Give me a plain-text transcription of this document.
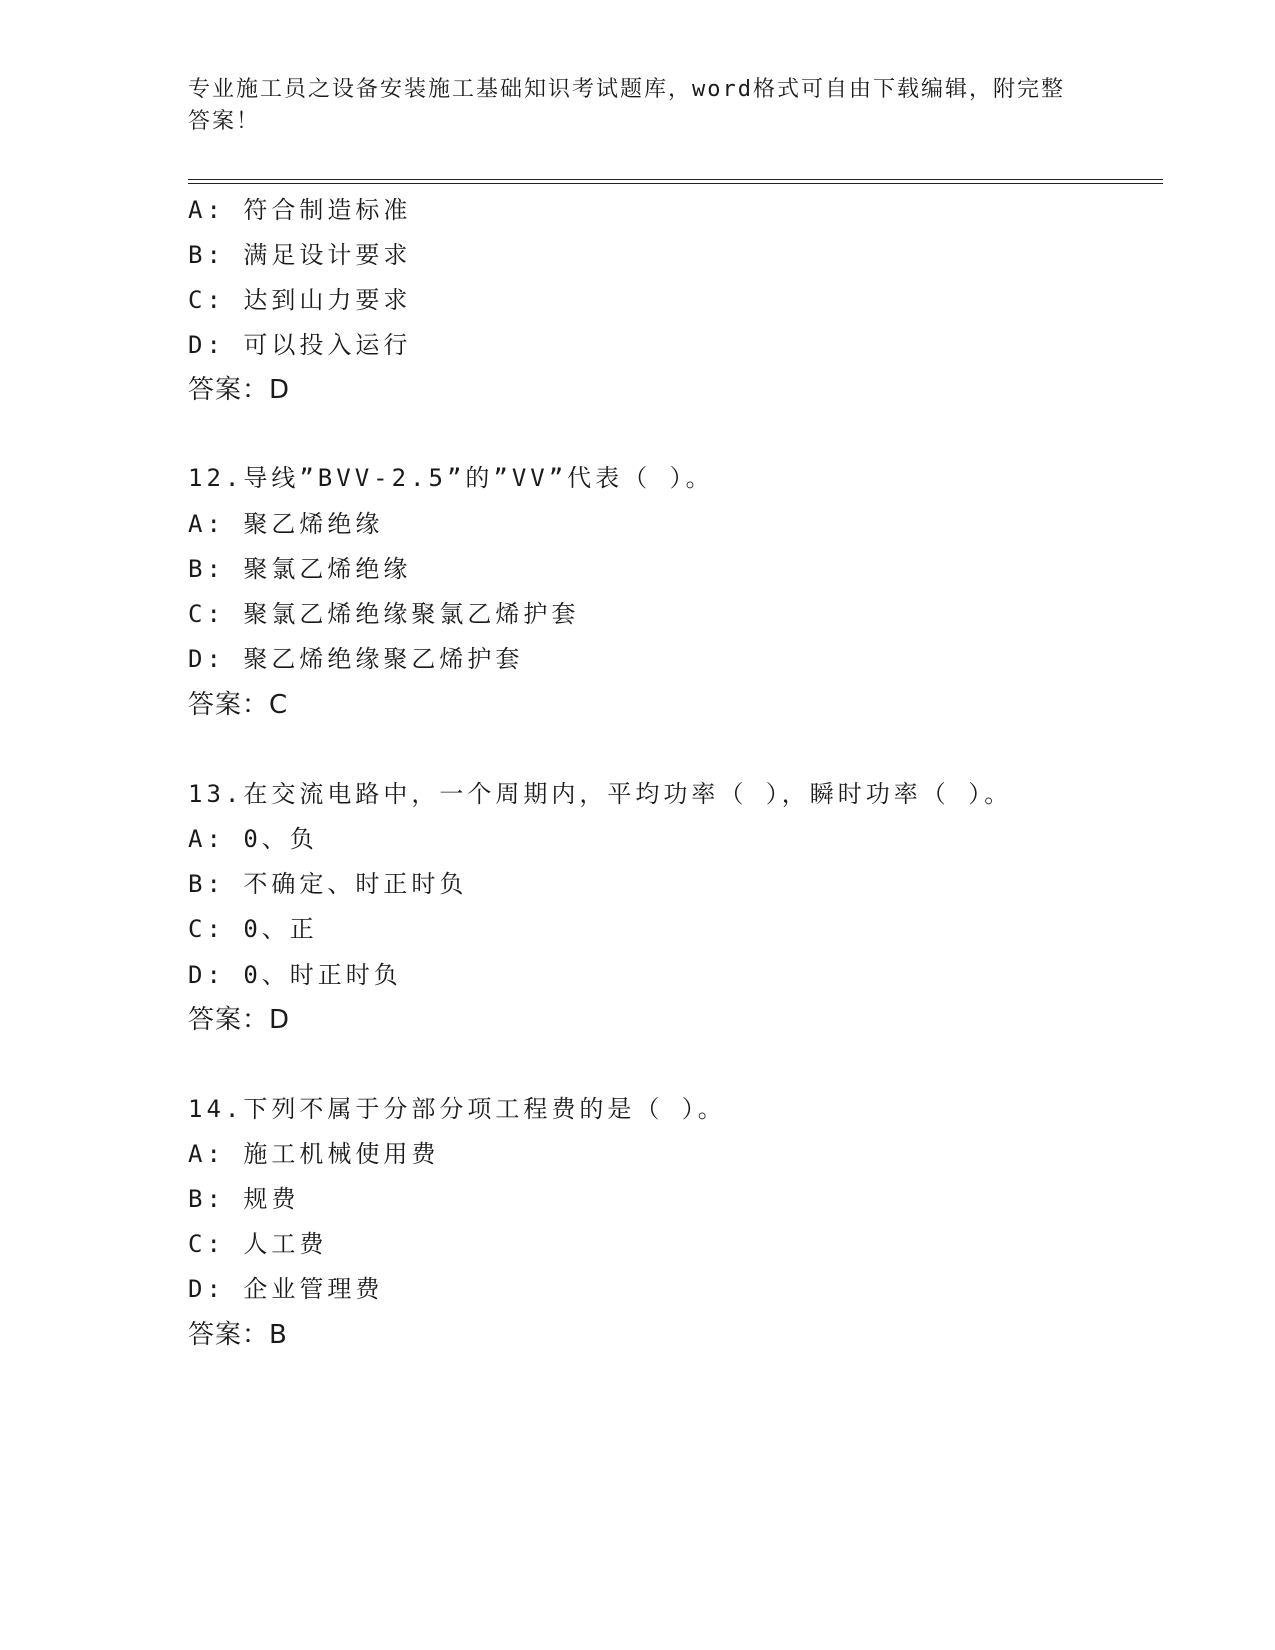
专业施工员之设备安装施工基础知识考试题库，word格式可自由下载编辑，附完整答案！
A: 符合制造标准
B: 满足设计要求
C: 达到山力要求
D: 可以投入运行
答案：D
12.导线”BVV-2.5”的”VV”代表（ ）。
A: 聚乙烯绝缘
B: 聚氯乙烯绝缘
C: 聚氯乙烯绝缘聚氯乙烯护套
D: 聚乙烯绝缘聚乙烯护套
答案：C
13.在交流电路中，一个周期内，平均功率（ ），瞬时功率（ ）。
A: 0、负
B: 不确定、时正时负
C: 0、正
D: 0、时正时负
答案：D
14.下列不属于分部分项工程费的是（ ）。
A: 施工机械使用费
B: 规费
C: 人工费
D: 企业管理费
答案：B
